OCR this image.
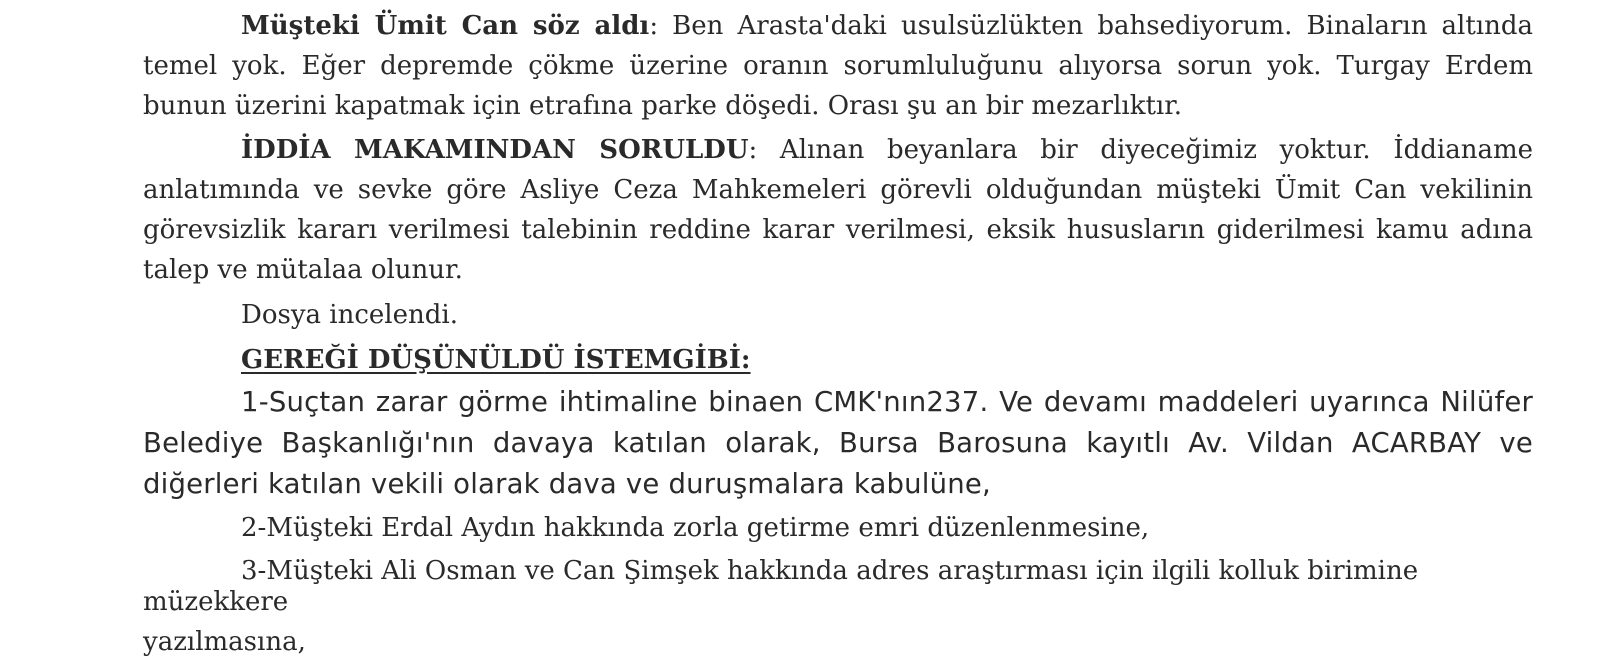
Müşteki Ümit Can söz aldı: Ben Arasta'daki usulsüzlükten bahsediyorum. Binaların altında temel yok. Eğer depremde çökme üzerine oranın sorumluluğunu alıyorsa sorun yok. Turgay Erdem bunun üzerini kapatmak için etrafına parke döşedi. Orası şu an bir mezarlıktır.

İDDİA MAKAMINDAN SORULDU: Alınan beyanlara bir diyeceğimiz yoktur. İddianame anlatımında ve sevke göre Asliye Ceza Mahkemeleri görevli olduğundan müşteki Ümit Can vekilinin görevsizlik kararı verilmesi talebinin reddine karar verilmesi, eksik hususların giderilmesi kamu adına talep ve mütalaa olunur.

Dosya incelendi.

GEREĞİ DÜŞÜNÜLDÜ İSTEMGİBİ:

1-Suçtan zarar görme ihtimaline binaen CMK'nın237. Ve devamı maddeleri uyarınca Nilüfer Belediye Başkanlığı'nın davaya katılan olarak, Bursa Barosuna kayıtlı Av. Vildan ACARBAY ve diğerleri katılan vekili olarak dava ve duruşmalara kabulüne,

2-Müşteki Erdal Aydın hakkında zorla getirme emri düzenlenmesine,

3-Müşteki Ali Osman ve Can Şimşek hakkında adres araştırması için ilgili kolluk birimine

müzekkere yazılmasına,
